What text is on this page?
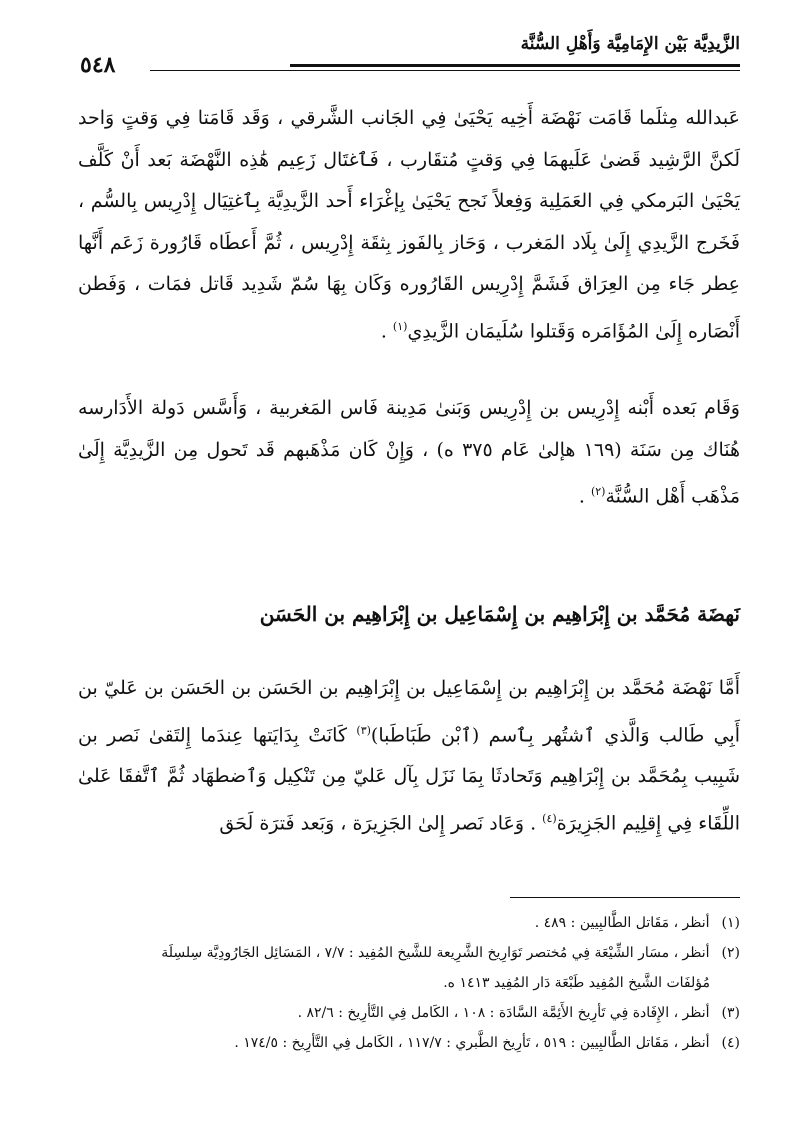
الزَّيدِيَّة بَيْن الإِمَامِيَّة وَأَهْلِ السُّنَّة
٥٤٨

عَبدالله مِثلَما قَامَت نَهْضَة أَخِيه يَحْيَىٰ فِي الجَانب الشَّرقي ، وَقَد قَامَتا فِي وَقتٍ وَاحد لَكنَّ الرَّشِيد قَضىٰ عَلَيهمَا فِي وَقتٍ مُتقَارب ، فَٱغتَال زَعِيم هَٰذِه النَّهْضَة بَعد أَنْ كَلَّف يَحْيَىٰ البَرمكي فِي العَمَلِية وَفِعلاً نَجح يَحْيَىٰ بِإغْرَاء أَحد الزَّيدِيَّة بِٱغتِيَال إِدْرِيس بِالسُّم ، فَخَرج الزَّيدِي إِلَىٰ بِلَاد المَغرب ، وَحَاز بِالفَوز بِثقَة إِدْرِيس ، ثُمَّ أَعطَاه قَارُورة زَعَم أَنَّها عِطر جَاء مِن العِرَاق فَشَمَّ إِدْرِيس القَارُوره وَكَان بِهَا سُمّ شَدِيد قَاتل فمَات ، وَفَطن أَنْصَاره إِلَىٰ المُؤَامَره وَقَتلوا سُلَيمَان الزَّيدِي$^{(١)}$ .

وَقَام بَعده أَبْنه إِدْرِيس بن إِدْرِيس وَبَنىٰ مَدِينة فَاس المَغربية ، وَأَسَّس دَولة الأَدَارسه هُنَاك مِن سَنَة (١٦٩ هإلىٰ عَام ٣٧٥ ه) ، وَإِنْ كَان مَذْهَبهم قَد تَحول مِن الزَّيدِيَّة إِلَىٰ مَذْهَب أَهْل السُّنَّة$^{(٢)}$ .

نَهضَة مُحَمَّد بن إِبْرَاهِيم بن إِسْمَاعِيل بن إِبْرَاهِيم بن الحَسَن

أَمَّا نَهْضَة مُحَمَّد بن إِبْرَاهِيم بن إِسْمَاعِيل بن إِبْرَاهِيم بن الحَسَن بن الحَسَن بن عَليّ بن أَبِي طَالب وَالَّذي ٱشتُهر بِٱسم (ٱبْن طَبَاطَبا)$^{(٣)}$ كَانَتْ بِدَايَتها عِندَما إِلتَقىٰ نَصر بن شَبِيب بِمُحَمَّد بن إِبْرَاهِيم وَتَحادثَا بِمَا نَزَل بِآل عَليّ مِن تَنْكِيل وَٱضطهَاد ثُمَّ ٱتَّفقَا عَلىٰ اللِّقَاء فِي إِقلِيم الجَزِيرَة$^{(٤)}$ . وَعَاد نَصر إِلىٰ الجَزِيرَة ، وَبَعد فَترَة لَحَق

(١) أنظر ، مَقَاتل الطَّالبِيين : ٤٨٩ .

(٢) أنظر ، مسَار الشِّيْعَة فِي مُختصر تَوَارِيخ الشَّرِيعة للشَّيخ المُفِيد : ٧/٧ ، المَسَائِل الجَارُودِيَّة سِلسِلَة

مُؤلفَات الشَّيخ المُفِيد طَبْعَة دَار المُفِيد ١٤١٣ ه.

(٣) أنظر ، الإِفَادة فِي تَأرِيخ الأَئِمَّة السَّادَة : ١٠٨ ، الكَامل فِي التَّأرِيخ : ٨٢/٦ .

(٤) أنظر ، مَقَاتل الطَّالبِيين : ٥١٩ ، تَأرِيخ الطَّبري : ١١٧/٧ ، الكَامل فِي التَّأرِيخ : ١٧٤/٥ .
